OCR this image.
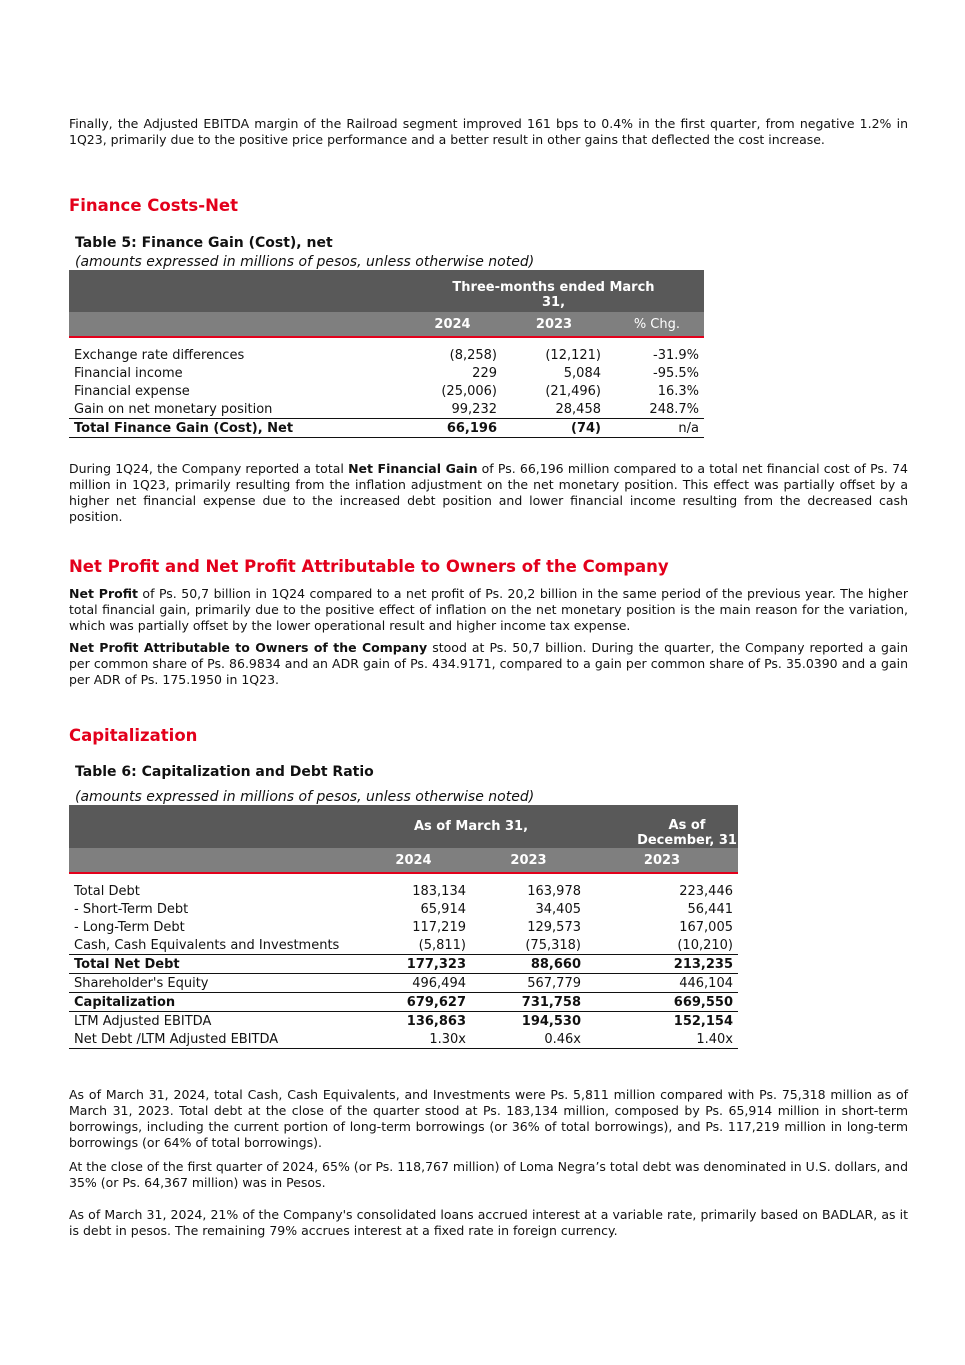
Finally, the Adjusted EBITDA margin of the Railroad segment improved 161 bps to 0.4% in the first quarter, from negative 1.2% in 1Q23, primarily due to the positive price performance and a better result in other gains that deflected the cost increase.

Finance Costs-Net

Table 5: Finance Gain (Cost), net

(amounts expressed in millions of pesos, unless otherwise noted)

	Three-months ended March 31,		
	2024	2023	% Chg.

Exchange rate differences	(8,258)	(12,121)	-31.9%
Financial income	229	5,084	-95.5%
Financial expense	(25,006)	(21,496)	16.3%
Gain on net monetary position	99,232	28,458	248.7%
Total Finance Gain (Cost), Net	66,196	(74)	n/a

During 1Q24, the Company reported a total Net Financial Gain of Ps. 66,196 million compared to a total net financial cost of Ps. 74 million in 1Q23, primarily resulting from the inflation adjustment on the net monetary position. This effect was partially offset by a higher net financial expense due to the increased debt position and lower financial income resulting from the decreased cash position.

Net Profit and Net Profit Attributable to Owners of the Company

Net Profit of Ps. 50,7 billion in 1Q24 compared to a net profit of Ps. 20,2 billion in the same period of the previous year. The higher total financial gain, primarily due to the positive effect of inflation on the net monetary position is the main reason for the variation, which was partially offset by the lower operational result and higher income tax expense.

Net Profit Attributable to Owners of the Company stood at Ps. 50,7 billion. During the quarter, the Company reported a gain per common share of Ps. 86.9834 and an ADR gain of Ps. 434.9171, compared to a gain per common share of Ps. 35.0390 and a gain per ADR of Ps. 175.1950 in 1Q23.

Capitalization

Table 6: Capitalization and Debt Ratio

(amounts expressed in millions of pesos, unless otherwise noted)

	As of March 31,		As of December, 31
	2024	2023	2023

Total Debt	183,134	163,978	223,446
- Short-Term Debt	65,914	34,405	56,441
- Long-Term Debt	117,219	129,573	167,005
Cash, Cash Equivalents and Investments	(5,811)	(75,318)	(10,210)
Total Net Debt	177,323	88,660	213,235
Shareholder's Equity	496,494	567,779	446,104
Capitalization	679,627	731,758	669,550
LTM Adjusted EBITDA	136,863	194,530	152,154
Net Debt /LTM Adjusted EBITDA	1.30x	0.46x	1.40x

As of March 31, 2024, total Cash, Cash Equivalents, and Investments were Ps. 5,811 million compared with Ps. 75,318 million as of March 31, 2023. Total debt at the close of the quarter stood at Ps. 183,134 million, composed by Ps. 65,914 million in short-term borrowings, including the current portion of long-term borrowings (or 36% of total borrowings), and Ps. 117,219 million in long-term borrowings (or 64% of total borrowings).

At the close of the first quarter of 2024, 65% (or Ps. 118,767 million) of Loma Negra’s total debt was denominated in U.S. dollars, and 35% (or Ps. 64,367 million) was in Pesos.

As of March 31, 2024, 21% of the Company's consolidated loans accrued interest at a variable rate, primarily based on BADLAR, as it is debt in pesos. The remaining 79% accrues interest at a fixed rate in foreign currency.
